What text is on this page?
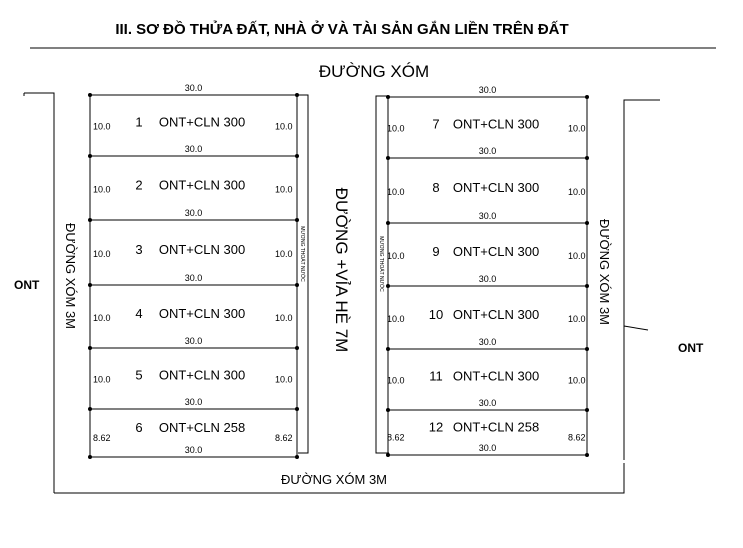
III. SƠ ĐỒ THỬA ĐẤT, NHÀ Ở VÀ TÀI SẢN GẮN LIỀN TRÊN ĐẤT
ĐƯỜNG XÓM
ĐƯỜNG XÓM 3M	ĐƯỜNG XÓM 3M
ĐƯỜNG XÓM 3M
ĐƯỜNG +VỈA HÈ 7M
MƯƠNG THOÁT NƯỚC	MƯƠNG THOÁT NƯỚC
ONT
ONT
30.0
30.0
30.0
30.0
30.0
30.0
30.0
1 ONT+CLN 300
10.0	10.0
2 ONT+CLN 300
10.0	10.0
3 ONT+CLN 300
10.0	10.0
4 ONT+CLN 300
10.0	10.0
5 ONT+CLN 300
10.0	10.0
6 ONT+CLN 258
8.62	8.62
30.0
30.0
30.0
30.0
30.0
30.0
30.0
7 ONT+CLN 300
10.0	10.0
8 ONT+CLN 300
10.0	10.0
9 ONT+CLN 300
10.0	10.0
10 ONT+CLN 300
10.0	10.0
11 ONT+CLN 300
10.0	10.0
12 ONT+CLN 258
8.62	8.62
